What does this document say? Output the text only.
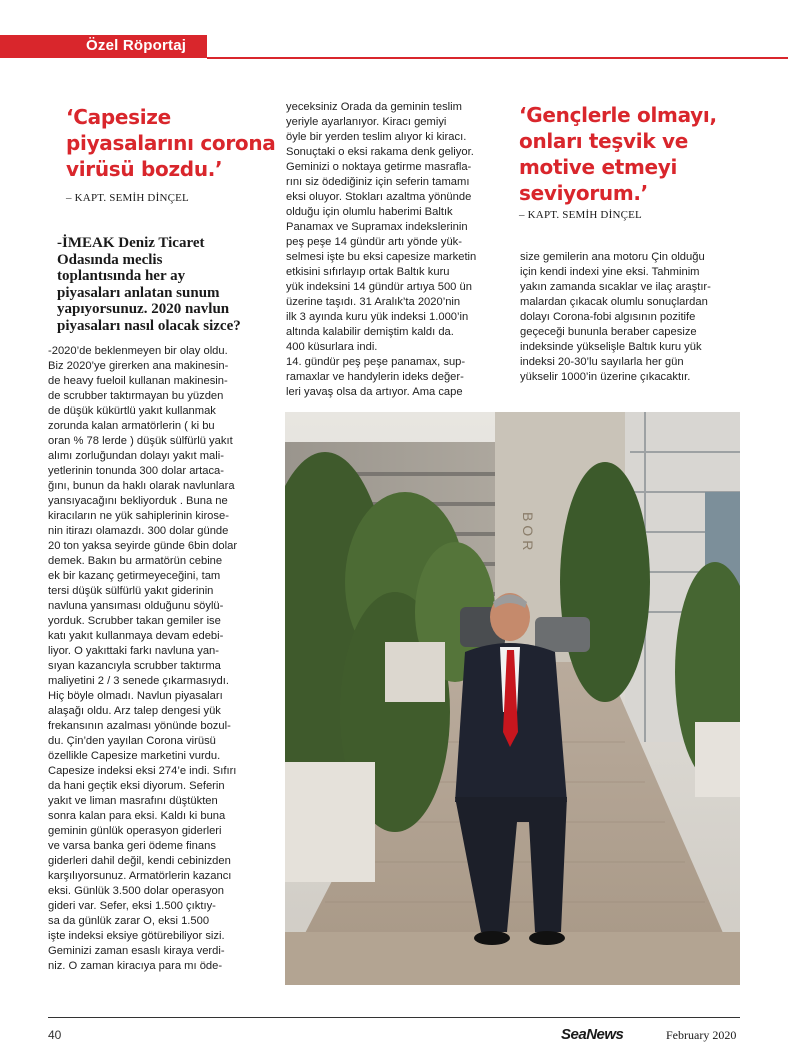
Özel Röportaj
‘Capesize
piyasalarını corona
virüsü bozdu.’
– KAPT. SEMİH DİNÇEL
-İMEAK Deniz Ticaret
Odasında meclis
toplantısında her ay
piyasaları anlatan sunum
yapıyorsunuz. 2020 navlun
piyasaları nasıl olacak sizce?

-2020’de beklenmeyen bir olay oldu.

Biz 2020’ye girerken ana makinesin-

de heavy fueloil kullanan makinesin-

de scrubber taktırmayan bu yüzden

de düşük kükürtlü yakıt kullanmak

zorunda kalan armatörlerin ( ki bu

oran % 78 lerde ) düşük sülfürlü yakıt

alımı zorluğundan dolayı yakıt mali-

yetlerinin tonunda 300 dolar artaca-

ğını, bunun da haklı olarak navlunlara

yansıyacağını bekliyorduk . Buna ne

kiracıların ne yük sahiplerinin kirose-

nin itirazı olamazdı. 300 dolar günde

20 ton yaksa seyirde günde 6bin dolar

demek. Bakın bu armatörün cebine

ek bir kazanç getirmeyeceğini, tam

tersi düşük sülfürlü yakıt giderinin

navluna yansıması olduğunu söylü-

yorduk. Scrubber takan gemiler ise

katı yakıt kullanmaya devam edebi-

liyor. O yakıttaki farkı navluna yan-

sıyan kazancıyla scrubber taktırma

maliyetini 2 / 3 senede çıkarmasıydı.

Hiç böyle olmadı. Navlun piyasaları

alaşağı oldu. Arz talep dengesi yük

frekansının azalması yönünde bozul-

du. Çin’den yayılan Corona virüsü

özellikle Capesize marketini vurdu.

Capesize indeksi eksi 274’e indi. Sıfırı

da hani geçtik eksi diyorum. Seferin

yakıt ve liman masrafını düştükten

sonra kalan para eksi. Kaldı ki buna

geminin günlük operasyon giderleri

ve varsa banka geri ödeme finans

giderleri dahil değil, kendi cebinizden

karşılıyorsunuz. Armatörlerin kazancı

eksi. Günlük 3.500 dolar operasyon

gideri var. Sefer, eksi 1.500 çıktıy-

sa da günlük zarar O, eksi 1.500

işte indeksi eksiye götürebiliyor sizi.

Geminizi zaman esaslı kiraya verdi-

niz. O zaman kiracıya para mı öde-

yeceksiniz Orada da geminin teslim

yeriyle ayarlanıyor. Kiracı gemiyi

öyle bir yerden teslim alıyor ki kiracı.

Sonuçtaki o eksi rakama denk geliyor.

Geminizi o noktaya getirme masrafla-

rını siz ödediğiniz için seferin tamamı

eksi oluyor. Stokları azaltma yönünde

olduğu için olumlu haberimi Baltık

Panamax ve Supramax indekslerinin

peş peşe 14 gündür artı yönde yük-

selmesi işte bu eksi capesize marketin

etkisini sıfırlayıp ortak Baltık kuru

yük indeksini 14 gündür artıya 500 ün

üzerine taşıdı. 31 Aralık’ta 2020’nin

ilk 3 ayında kuru yük indeksi 1.000’in

altında kalabilir demiştim kaldı da.

400 küsurlara indi.

14. gündür peş peşe panamax, sup-

ramaxlar ve handylerin ideks değer-

leri yavaş olsa da artıyor. Ama cape

‘Gençlerle olmayı,
onları teşvik ve
motive etmeyi
seviyorum.’
– KAPT. SEMİH DİNÇEL

size gemilerin ana motoru Çin olduğu

için kendi indexi yine eksi. Tahminim

yakın zamanda sıcaklar ve ilaç araştır-

malardan çıkacak olumlu sonuçlardan

dolayı Corona-fobi algısının pozitife

geçeceği bununla beraber capesize

indeksinde yükselişle Baltık kuru yük

indeksi 20-30’lu sayılarla her gün

yükselir 1000’in üzerine çıkacaktır.

BOR
40	SeaNews	February 2020
